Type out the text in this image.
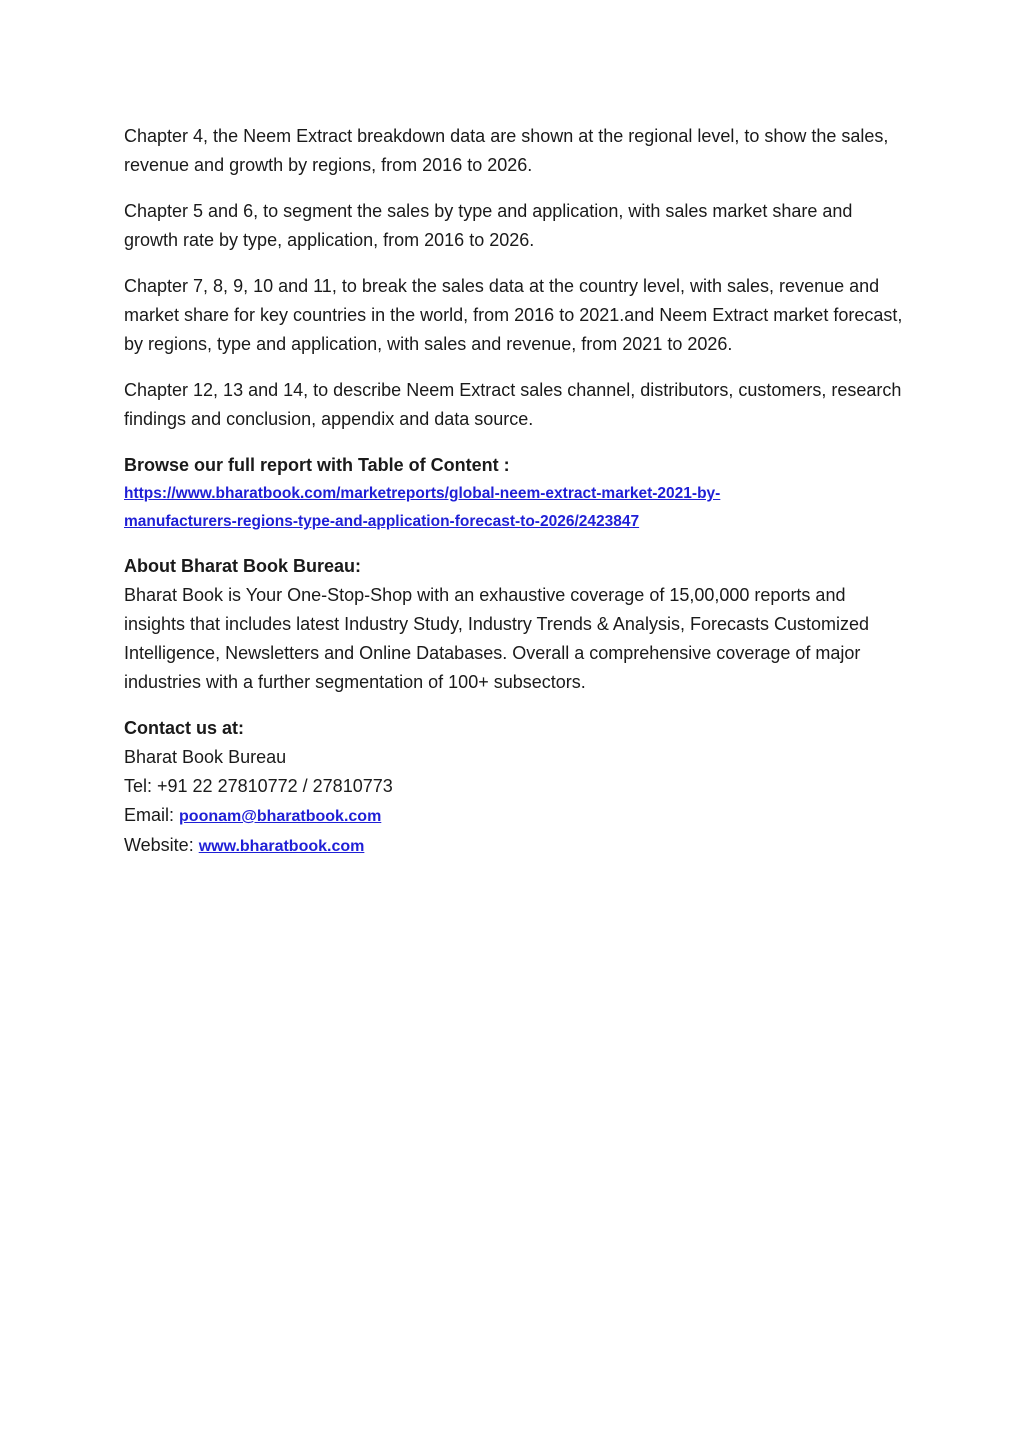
Chapter 4, the Neem Extract breakdown data are shown at the regional level, to show the sales, revenue and growth by regions, from 2016 to 2026.

Chapter 5 and 6, to segment the sales by type and application, with sales market share and growth rate by type, application, from 2016 to 2026.

Chapter 7, 8, 9, 10 and 11, to break the sales data at the country level, with sales, revenue and market share for key countries in the world, from 2016 to 2021.and Neem Extract market forecast, by regions, type and application, with sales and revenue, from 2021 to 2026.

Chapter 12, 13 and 14, to describe Neem Extract sales channel, distributors, customers, research findings and conclusion, appendix and data source.

Browse our full report with Table of Content :

https://www.bharatbook.com/marketreports/global-neem-extract-market-2021-by-
manufacturers-regions-type-and-application-forecast-to-2026/2423847

About Bharat Book Bureau:

Bharat Book is Your One-Stop-Shop with an exhaustive coverage of 15,00,000 reports and insights that includes latest Industry Study, Industry Trends & Analysis, Forecasts Customized Intelligence, Newsletters and Online Databases. Overall a comprehensive coverage of major industries with a further segmentation of 100+ subsectors.

Contact us at:

Bharat Book Bureau

Tel: +91 22 27810772 / 27810773

Email: poonam@bharatbook.com

Website: www.bharatbook.com
